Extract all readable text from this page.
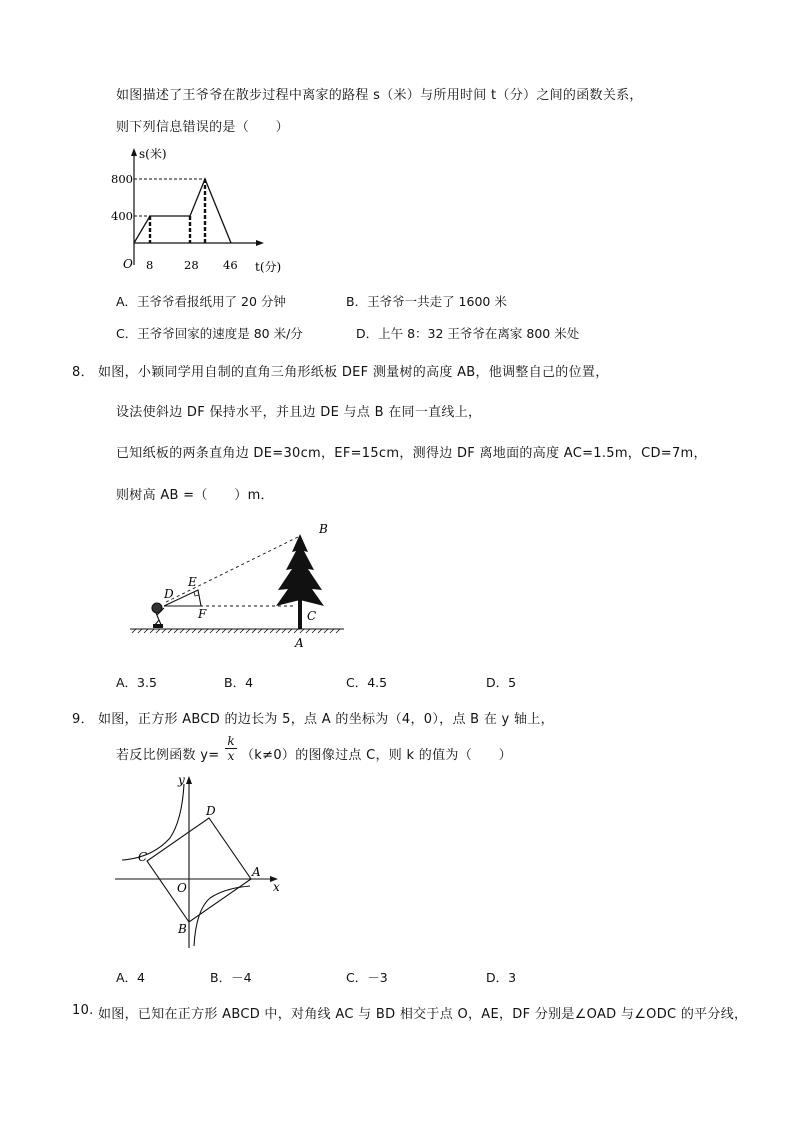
如图描述了王爷爷在散步过程中离家的路程 s（米）与所用时间 t（分）之间的函数关系，
则下列信息错误的是（　　）
s(米)
t(分)
O
800
400
8	28 46
A．王爷爷看报纸用了 20 分钟	B．王爷爷一共走了 1600 米
C．王爷爷回家的速度是 80 米/分	D．上午 8：32 王爷爷在离家 800 米处
8． 如图，小颖同学用自制的直角三角形纸板 DEF 测量树的高度 AB，他调整自己的位置，
设法使斜边 DF 保持水平，并且边 DE 与点 B 在同一直线上，
已知纸板的两条直角边 DE=30cm，EF=15cm，测得边 DF 离地面的高度 AC=1.5m，CD=7m，
则树高 AB =（　　）m．
B
E
D
F	C
A
A．3.5	B．4	C．4.5	D．5
9． 如图，正方形 ABCD 的边长为 5，点 A 的坐标为（4，0），点 B 在 y 轴上，
若反比例函数 $y= \frac{k}{x} (k\ne 0)$的图像过点 C，则 k 的值为（　　）
y
x
O
A
B
C
D
A．4	B．－4	C．－3	D．3
10. 如图，已知在正方形 ABCD 中，对角线 AC 与 BD 相交于点 O，AE，DF 分别是∠OAD 与∠ODC 的平分线，
